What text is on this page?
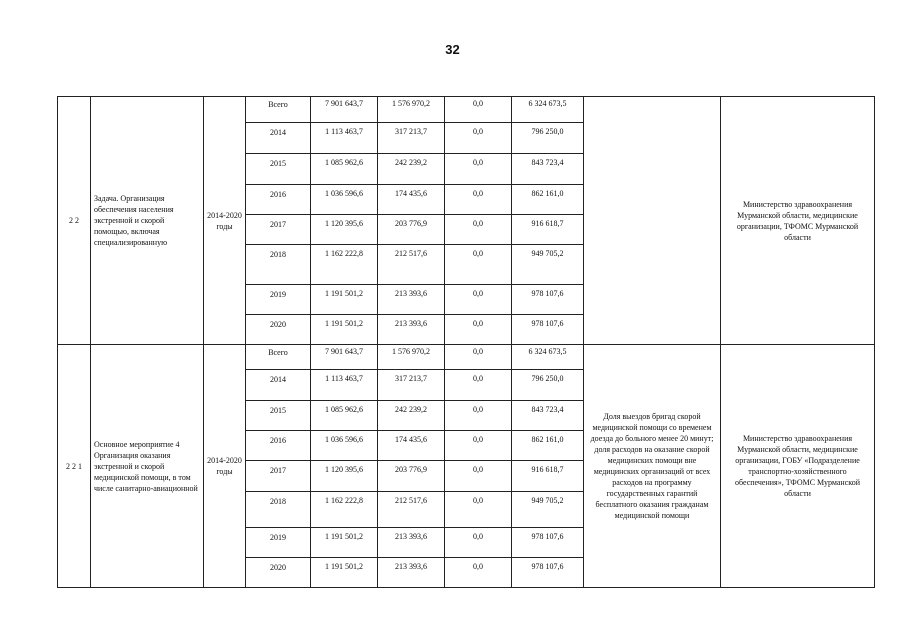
32
2 2	Задача. Организация обеспечения населения экстренной и скорой помощью, включая специализированную	2014-2020 годы	Всего	7 901 643,7	1 576 970,2	0,0	6 324 673,5		Министерство здравоохранения Мурманской области, медицинские организации, ТФОМС Мурманской области
			2014	1 113 463,7	317 213,7	0,0	796 250,0		
			2015	1 085 962,6	242 239,2	0,0	843 723,4		
			2016	1 036 596,6	174 435,6	0,0	862 161,0		
			2017	1 120 395,6	203 776,9	0,0	916 618,7		
			2018	1 162 222,8	212 517,6	0,0	949 705,2		
			2019	1 191 501,2	213 393,6	0,0	978 107,6		
			2020	1 191 501,2	213 393,6	0,0	978 107,6		
2 2 1	Основное мероприятие 4 Организация оказания экстренной и скорой медицинской помощи, в том числе санитарно-авиационной	2014-2020 годы	Всего	7 901 643,7	1 576 970,2	0,0	6 324 673,5	Доля выездов бригад скорой медицинской помощи со временем доезда до больного менее 20 минут; доля расходов на оказание скорой медицинских помощи вне медицинских организаций от всех расходов на программу государственных гарантий бесплатного оказания гражданам медицинской помощи	Министерство здравоохранения Мурманской области, медицинские организации, ГОБУ «Подразделение транспортно-хозяйственного обеспечения», ТФОМС Мурманской области
			2014	1 113 463,7	317 213,7	0,0	796 250,0		
			2015	1 085 962,6	242 239,2	0,0	843 723,4		
			2016	1 036 596,6	174 435,6	0,0	862 161,0		
			2017	1 120 395,6	203 776,9	0,0	916 618,7		
			2018	1 162 222,8	212 517,6	0,0	949 705,2		
			2019	1 191 501,2	213 393,6	0,0	978 107,6		
			2020	1 191 501,2	213 393,6	0,0	978 107,6		
